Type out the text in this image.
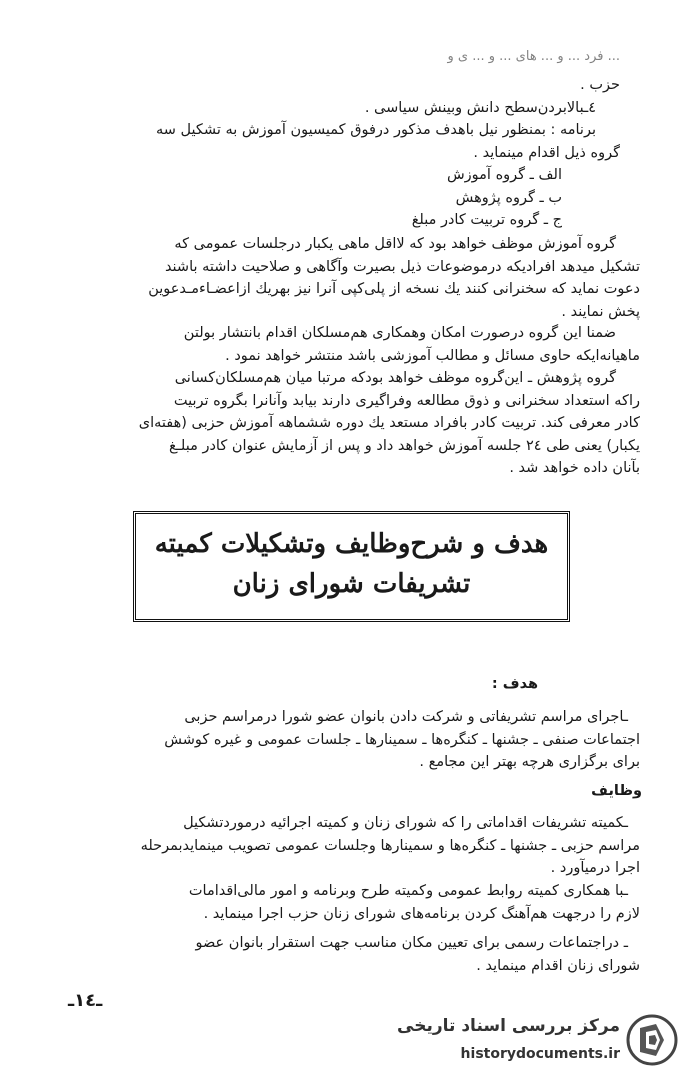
... فرد ... و ... های ... و ... ی و
حزب .
٤ـبالابردن‌سطح دانش وبینش سیاسی .
برنامه : بمنظور نیل باهدف مذکور درفوق کمیسیون آموزش به تشکیل سه
گروه ذیل اقدام مینماید .
الف ـ گروه آموزش
ب ـ گروه پژوهش
ج ـ گروه تربیت کادر مبلغ
گروه آموزش موظف خواهد بود که لااقل ماهی یکبار درجلسات عمومی که
تشکیل میدهد افرادیکه درموضوعات ذیل بصیرت وآگاهی و صلاحیت داشته باشند
دعوت نماید که سخنرانی کنند یك نسخه از پلی‌کپی آنرا نیز بهریك ازاعضـاءمـدعوین
پخش نمایند .
ضمنا این گروه درصورت امکان وهمکاری هم‌مسلکان اقدام بانتشار بولتن
ماهیانه‌ایکه حاوی مسائل و مطالب آموزشی باشد منتشر خواهد نمود .
گروه پژوهش ـ این‌گروه موظف خواهد بودکه مرتبا میان هم‌مسلکان‌کسانی
راکه استعداد سخنرانی و ذوق مطالعه وفراگیری دارند بیابد وآنانرا بگروه تربیت
کادر معرفی کند. تربیت کادر بافراد مستعد یك دوره ششماهه آموزش حزبی (هفته‌ای
یکبار) یعنی طی ٢٤ جلسه آموزش خواهد داد و پس از آزمایش عنوان کادر مبلـغ
بآنان داده خواهد شد .
هدف و شرح‌وظایف وتشکیلات کمیته
تشریفات شورای زنان
هدف :
ـاجرای مراسم تشریفاتی و شرکت دادن بانوان عضو شورا درمراسم حزبی
اجتماعات صنفی ـ جشنها ـ کنگره‌ها ـ سمینارها ـ جلسات عمومی و غیره کوشش
برای برگزاری هرچه بهتر این مجامع .
وظایف
ـکمیته تشریفات اقداماتی را که شورای زنان و کمیته اجرائیه درمورد‌تشکیل
مراسم حزبی ـ جشنها ـ کنگره‌ها و سمینارها وجلسات عمومی تصویب مینمایدبمرحله
اجرا درمیآورد .
ـبا همکاری کمیته روابط عمومی وکمیته طرح وبرنامه و امور مالی‌اقدامات
لازم را درجهت هم‌آهنگ کردن برنامه‌های شورای زنان حزب اجرا مینماید .
ـ دراجتماعات رسمی برای تعیین مکان مناسب جهت استقرار بانوان عضو
شورای زنان اقدام مینماید .
ـ١٤ـ
مرکز بررسی اسناد تاریخی
historydocuments.ir
